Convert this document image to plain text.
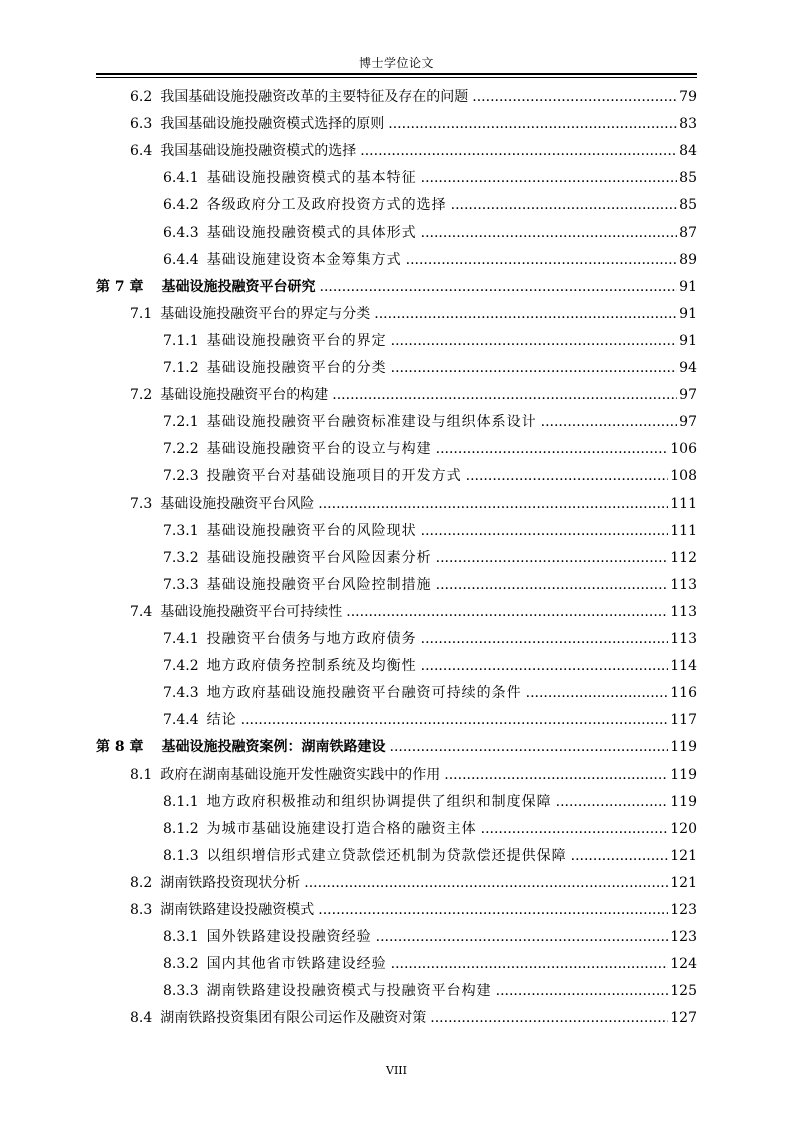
博士学位论文
6.2 我国基础设施投融资改革的主要特征及存在的问题 .....	79
6.3 我国基础设施投融资模式选择的原则 .....	83
6.4 我国基础设施投融资模式的选择 .....	84
6.4.1 基础设施投融资模式的基本特征 .....	85
6.4.2 各级政府分工及政府投资方式的选择 .....	85
6.4.3 基础设施投融资模式的具体形式 .....	87
6.4.4 基础设施建设资本金筹集方式 .....	89
第 7 章 基础设施投融资平台研究 .....	91
7.1 基础设施投融资平台的界定与分类 .....	91
7.1.1 基础设施投融资平台的界定 .....	91
7.1.2 基础设施投融资平台的分类 .....	94
7.2 基础设施投融资平台的构建 .....	97
7.2.1 基础设施投融资平台融资标准建设与组织体系设计 .....	97
7.2.2 基础设施投融资平台的设立与构建 .....	106
7.2.3 投融资平台对基础设施项目的开发方式 .....	108
7.3 基础设施投融资平台风险 .....	111
7.3.1 基础设施投融资平台的风险现状 .....	111
7.3.2 基础设施投融资平台风险因素分析 .....	112
7.3.3 基础设施投融资平台风险控制措施 .....	113
7.4 基础设施投融资平台可持续性 .....	113
7.4.1 投融资平台债务与地方政府债务 .....	113
7.4.2 地方政府债务控制系统及均衡性 .....	114
7.4.3 地方政府基础设施投融资平台融资可持续的条件 .....	116
7.4.4 结论 .....	117
第 8 章 基础设施投融资案例：湖南铁路建设 .....	119
8.1 政府在湖南基础设施开发性融资实践中的作用 .....	119
8.1.1 地方政府积极推动和组织协调提供了组织和制度保障 .....	119
8.1.2 为城市基础设施建设打造合格的融资主体 .....	120
8.1.3 以组织增信形式建立贷款偿还机制为贷款偿还提供保障 .....	121
8.2 湖南铁路投资现状分析 .....	121
8.3 湖南铁路建设投融资模式 .....	123
8.3.1 国外铁路建设投融资经验 .....	123
8.3.2 国内其他省市铁路建设经验 .....	124
8.3.3 湖南铁路建设投融资模式与投融资平台构建 .....	125
8.4 湖南铁路投资集团有限公司运作及融资对策 .....	127
VIII
